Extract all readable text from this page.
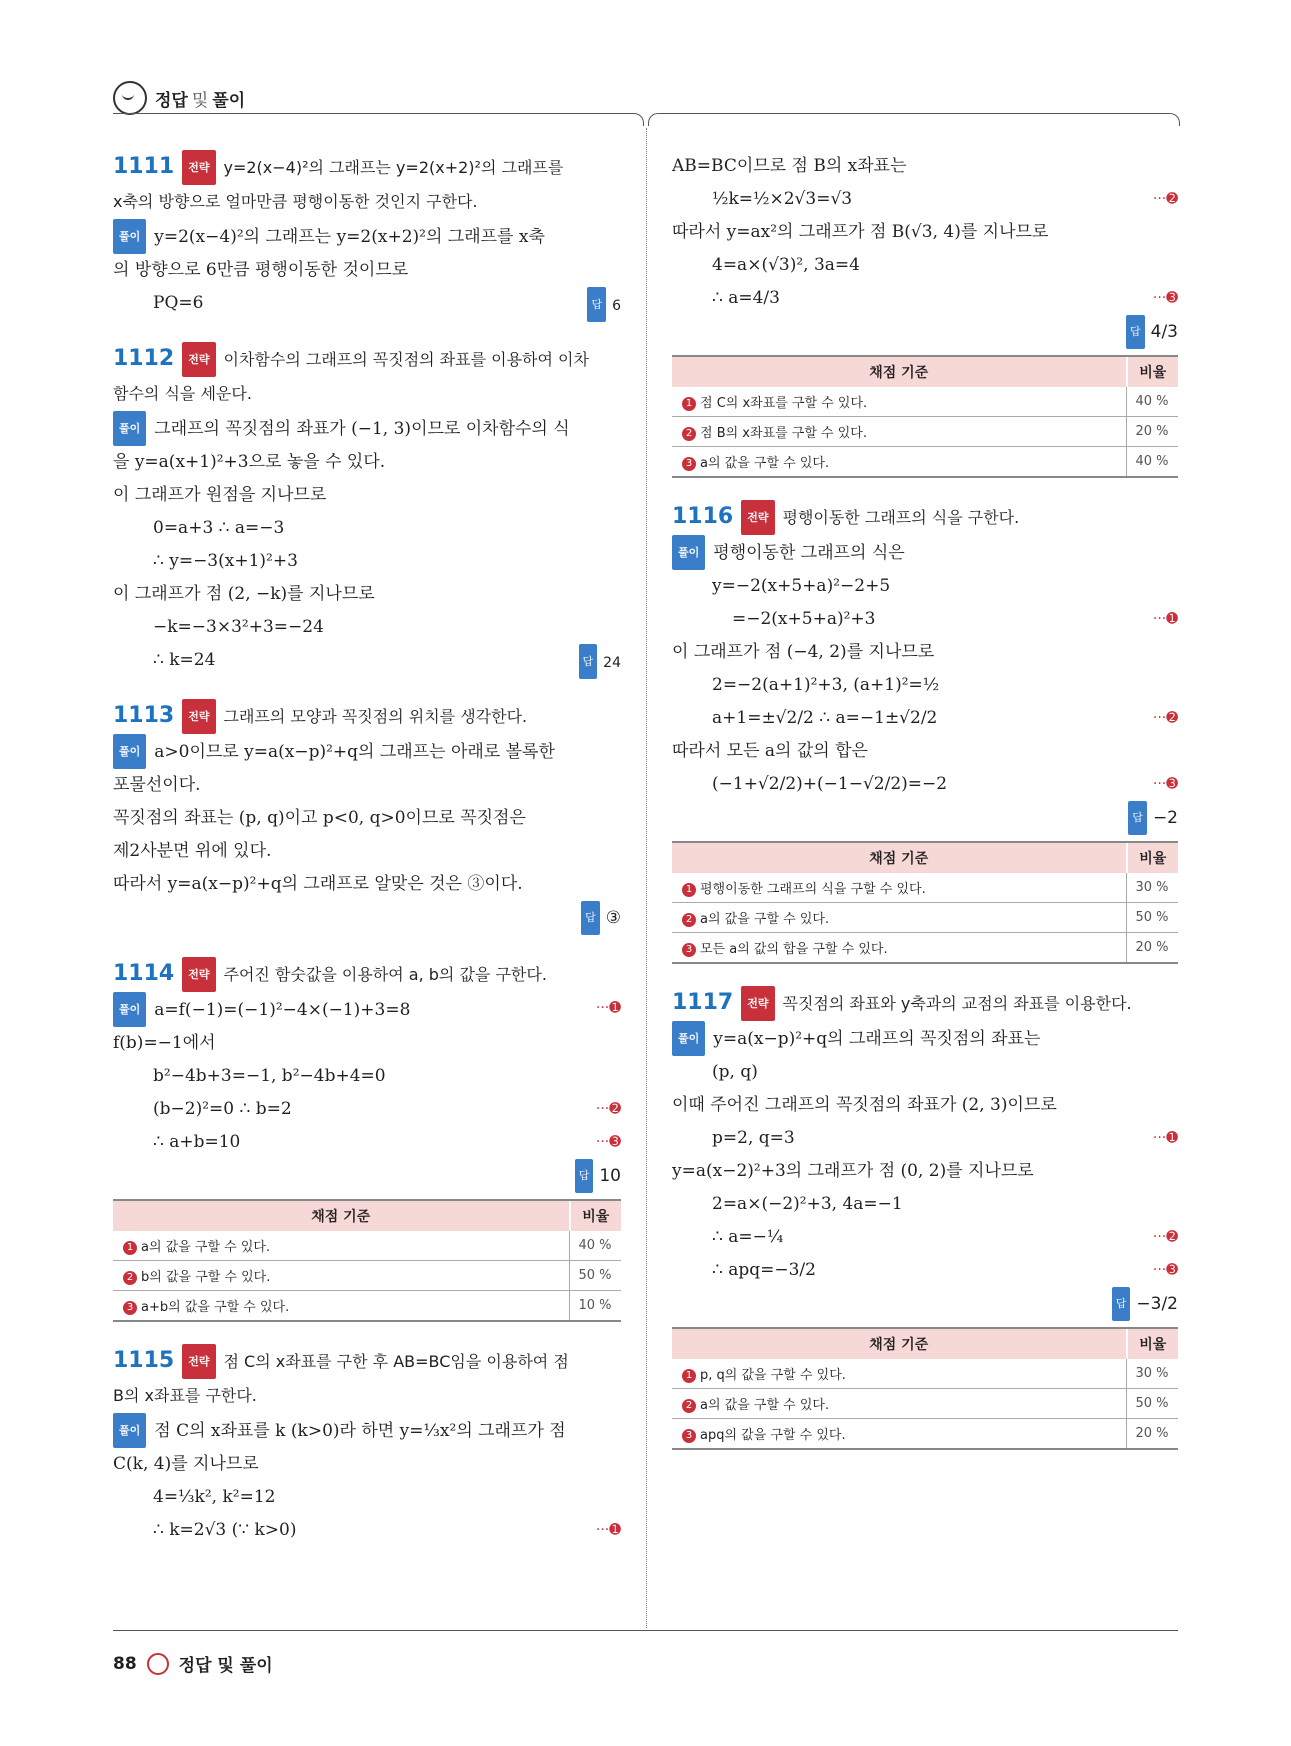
정답 및 풀이
1111 전략 y=2(x−4)²의 그래프는 y=2(x+2)²의 그래프를
x축의 방향으로 얼마만큼 평행이동한 것인지 구한다.
풀이 y=2(x−4)²의 그래프는 y=2(x+2)²의 그래프를 x축
의 방향으로 6만큼 평행이동한 것이므로
PQ=6	답 6
1112 전략 이차함수의 그래프의 꼭짓점의 좌표를 이용하여 이차
함수의 식을 세운다.
풀이 그래프의 꼭짓점의 좌표가 (−1, 3)이므로 이차함수의 식
을 y=a(x+1)²+3으로 놓을 수 있다.
이 그래프가 원점을 지나므로
0=a+3 ∴ a=−3
∴ y=−3(x+1)²+3
이 그래프가 점 (2, −k)를 지나므로
−k=−3×3²+3=−24
∴ k=24	답 24
1113 전략 그래프의 모양과 꼭짓점의 위치를 생각한다.
풀이 a>0이므로 y=a(x−p)²+q의 그래프는 아래로 볼록한
포물선이다.
꼭짓점의 좌표는 (p, q)이고 p<0, q>0이므로 꼭짓점은
제2사분면 위에 있다.
따라서 y=a(x−p)²+q의 그래프로 알맞은 것은 ③이다.
답 ③
1114 전략 주어진 함숫값을 이용하여 a, b의 값을 구한다.
풀이 a=f(−1)=(−1)²−4×(−1)+3=8	···➊
f(b)=−1에서
b²−4b+3=−1, b²−4b+4=0
(b−2)²=0 ∴ b=2	···➋
∴ a+b=10	···➌
답 10
채점 기준	비율
1 a의 값을 구할 수 있다.	40 %
2 b의 값을 구할 수 있다.	50 %
3 a+b의 값을 구할 수 있다.	10 %
1115 전략 점 C의 x좌표를 구한 후 AB=BC임을 이용하여 점
B의 x좌표를 구한다.
풀이 점 C의 x좌표를 k (k>0)라 하면 y=⅓x²의 그래프가 점
C(k, 4)를 지나므로
4=⅓k², k²=12
∴ k=2√3 (∵ k>0)	···➊
AB=BC이므로 점 B의 x좌표는
½k=½×2√3=√3	···➋
따라서 y=ax²의 그래프가 점 B(√3, 4)를 지나므로
4=a×(√3)², 3a=4
∴ a=4/3	···➌
답 4/3
채점 기준	비율
1 점 C의 x좌표를 구할 수 있다.	40 %
2 점 B의 x좌표를 구할 수 있다.	20 %
3 a의 값을 구할 수 있다.	40 %
1116 전략 평행이동한 그래프의 식을 구한다.
풀이 평행이동한 그래프의 식은
y=−2(x+5+a)²−2+5
=−2(x+5+a)²+3	···➊
이 그래프가 점 (−4, 2)를 지나므로
2=−2(a+1)²+3, (a+1)²=½
a+1=±√2/2 ∴ a=−1±√2/2	···➋
따라서 모든 a의 값의 합은
(−1+√2/2)+(−1−√2/2)=−2	···➌
답 −2
채점 기준	비율
1 평행이동한 그래프의 식을 구할 수 있다.	30 %
2 a의 값을 구할 수 있다.	50 %
3 모든 a의 값의 합을 구할 수 있다.	20 %
1117 전략 꼭짓점의 좌표와 y축과의 교점의 좌표를 이용한다.
풀이 y=a(x−p)²+q의 그래프의 꼭짓점의 좌표는
(p, q)
이때 주어진 그래프의 꼭짓점의 좌표가 (2, 3)이므로
p=2, q=3	···➊
y=a(x−2)²+3의 그래프가 점 (0, 2)를 지나므로
2=a×(−2)²+3, 4a=−1
∴ a=−¼	···➋
∴ apq=−3/2	···➌
답 −3/2
채점 기준	비율
1 p, q의 값을 구할 수 있다.	30 %
2 a의 값을 구할 수 있다.	50 %
3 apq의 값을 구할 수 있다.	20 %
88 정답 및 풀이
